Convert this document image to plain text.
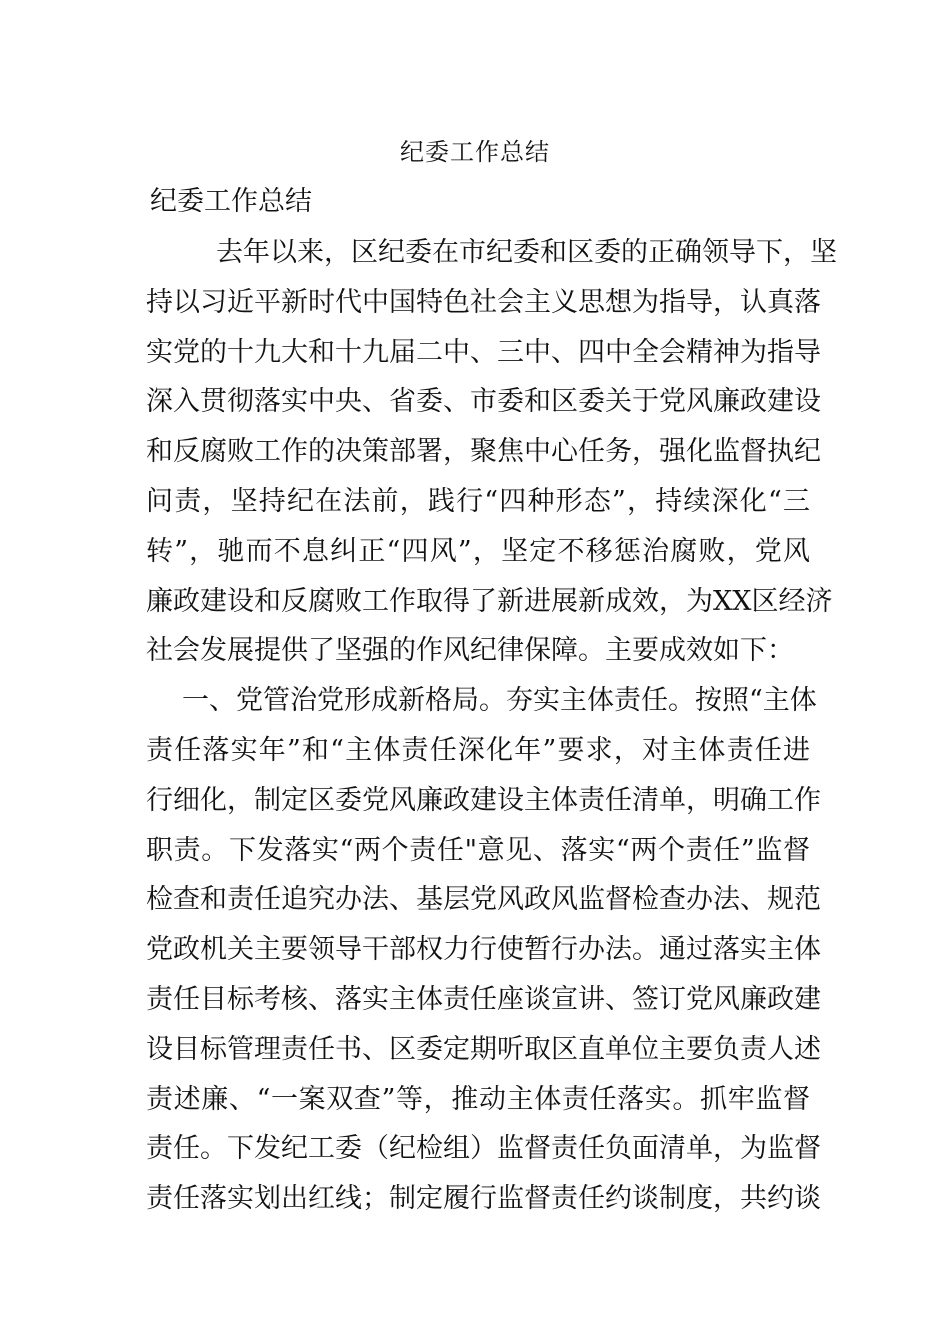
纪委工作总结
纪委工作总结
去年以来，区纪委在市纪委和区委的正确领导下，坚
持以习近平新时代中国特色社会主义思想为指导，认真落
实党的十九大和十九届二中、三中、四中全会精神为指导
深入贯彻落实中央、省委、市委和区委关于党风廉政建设
和反腐败工作的决策部署，聚焦中心任务，强化监督执纪
问责，坚持纪在法前，践行“四种形态”，持续深化“三
转”，驰而不息纠正“四风”，坚定不移惩治腐败，党风
廉政建设和反腐败工作取得了新进展新成效，为XX区经济
社会发展提供了坚强的作风纪律保障。主要成效如下：
一、党管治党形成新格局。夯实主体责任。按照“主体
责任落实年”和“主体责任深化年”要求，对主体责任进
行细化，制定区委党风廉政建设主体责任清单，明确工作
职责。下发落实“两个责任"意见、落实“两个责任”监督
检查和责任追究办法、基层党风政风监督检查办法、规范
党政机关主要领导干部权力行使暂行办法。通过落实主体
责任目标考核、落实主体责任座谈宣讲、签订党风廉政建
设目标管理责任书、区委定期听取区直单位主要负责人述
责述廉、“一案双查”等，推动主体责任落实。抓牢监督
责任。下发纪工委（纪检组）监督责任负面清单，为监督
责任落实划出红线；制定履行监督责任约谈制度，共约谈
